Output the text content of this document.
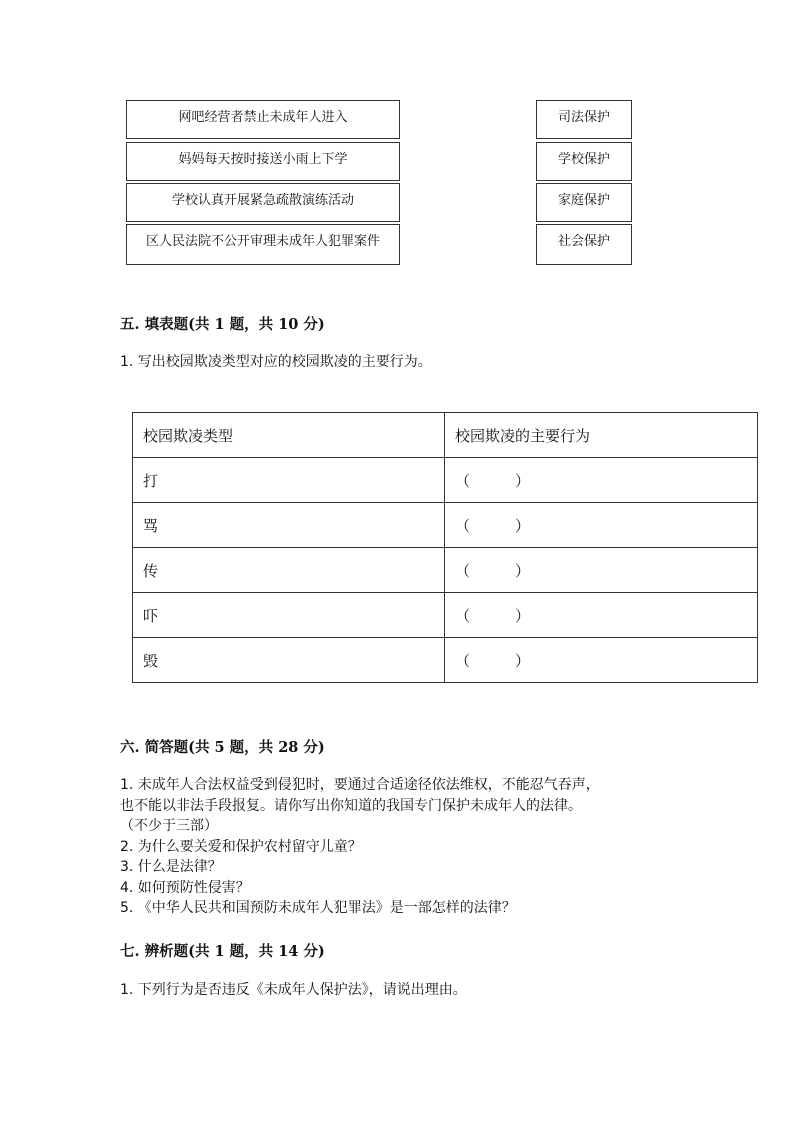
网吧经营者禁止未成年人进入
妈妈每天按时接送小雨上下学
学校认真开展紧急疏散演练活动
区人民法院不公开审理未成年人犯罪案件
司法保护
学校保护
家庭保护
社会保护
五. 填表题(共 1 题，共 10 分)
1. 写出校园欺凌类型对应的校园欺凌的主要行为。
校园欺凌类型	校园欺凌的主要行为
打	（　　　）
骂	（　　　）
传	（　　　）
吓	（　　　）
毁	（　　　）
六. 简答题(共 5 题，共 28 分)
1. 未成年人合法权益受到侵犯时，要通过合适途径依法维权，不能忍气吞声，
也不能以非法手段报复。请你写出你知道的我国专门保护未成年人的法律。
（不少于三部）
2. 为什么要关爱和保护农村留守儿童？
3. 什么是法律？
4. 如何预防性侵害？
5. 《中华人民共和国预防未成年人犯罪法》是一部怎样的法律？
七. 辨析题(共 1 题，共 14 分)
1. 下列行为是否违反《未成年人保护法》，请说出理由。
